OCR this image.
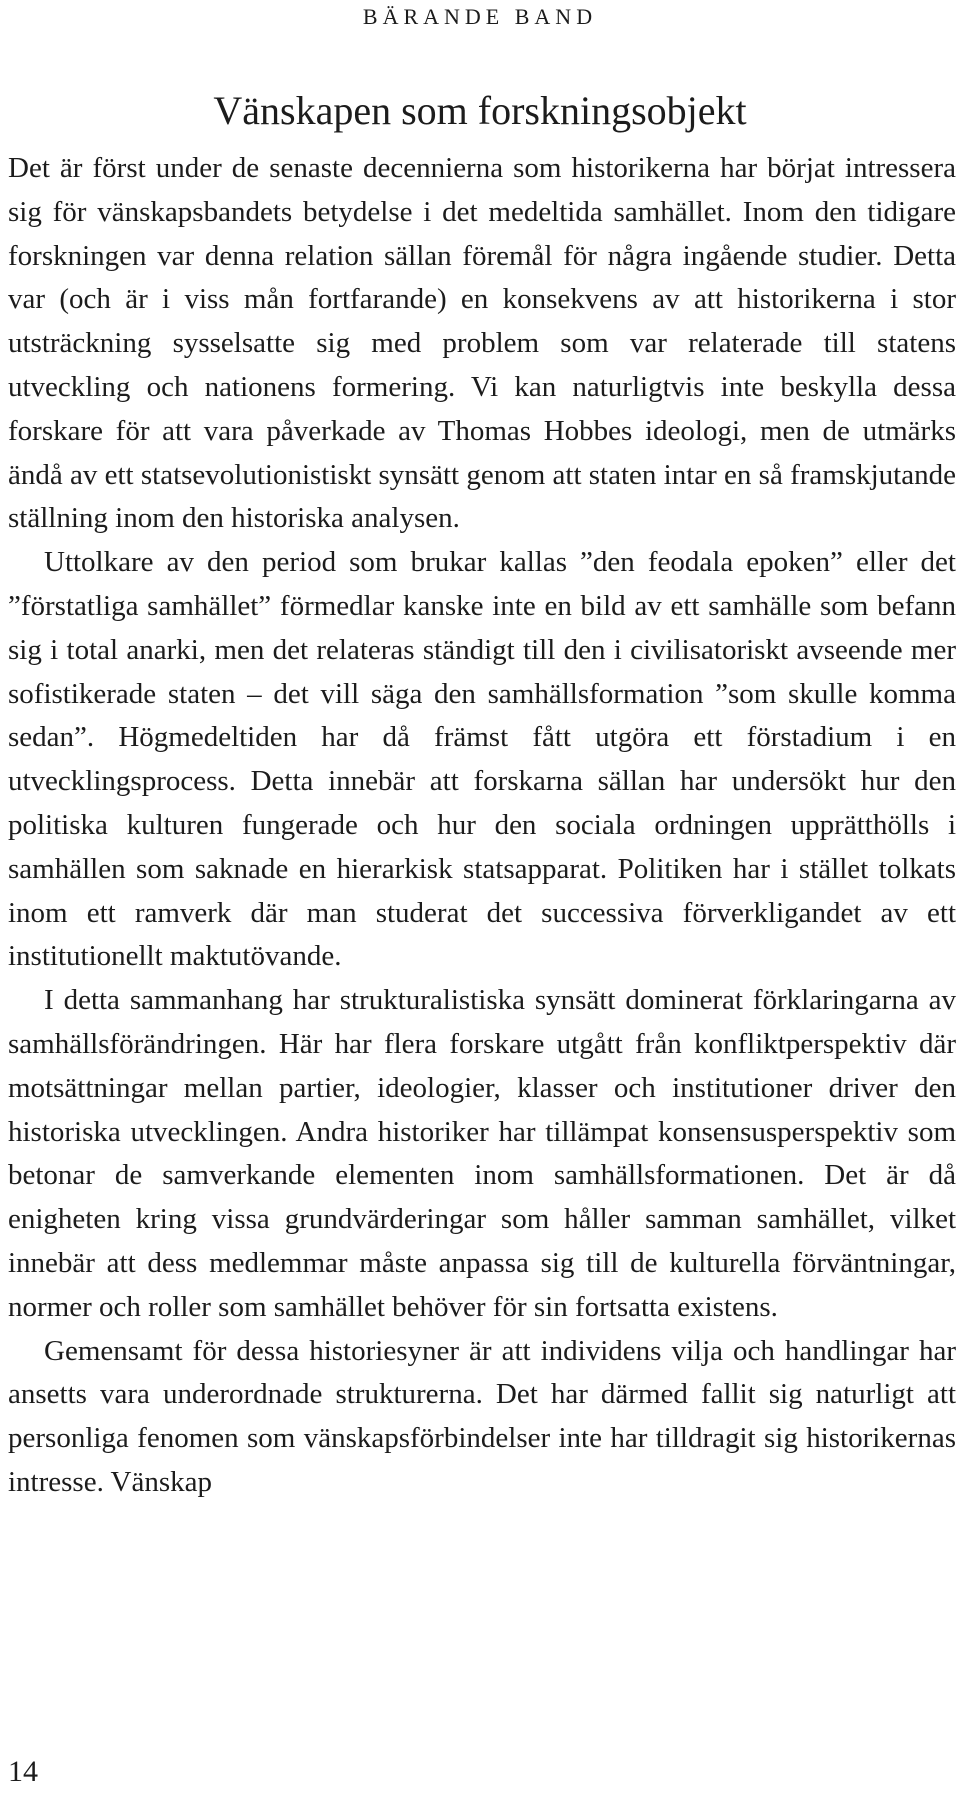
BÄRANDE BAND
Vänskapen som forskningsobjekt

Det är först under de senaste decennierna som historikerna har börjat intressera sig för vänskapsbandets betydelse i det medeltida samhället. Inom den tidigare forskningen var denna relation sällan föremål för några ingående studier. Detta var (och är i viss mån fortfarande) en konsekvens av att historikerna i stor utsträckning sysselsatte sig med problem som var relaterade till statens utveckling och nationens formering. Vi kan naturligtvis inte beskylla dessa forskare för att vara påverkade av Thomas Hobbes ideologi, men de utmärks ändå av ett statsevolutionistiskt synsätt genom att staten intar en så framskjutande ställning inom den historiska analysen.

Uttolkare av den period som brukar kallas ”den feodala epoken” eller det ”förstatliga samhället” förmedlar kanske inte en bild av ett samhälle som befann sig i total anarki, men det relateras ständigt till den i civilisatoriskt avseende mer sofistikerade staten – det vill säga den samhällsformation ”som skulle komma sedan”. Högmedeltiden har då främst fått utgöra ett förstadium i en utvecklingsprocess. Detta innebär att forskarna sällan har undersökt hur den politiska kulturen fungerade och hur den sociala ordningen upprätthölls i samhällen som saknade en hierarkisk statsapparat. Politiken har i stället tolkats inom ett ramverk där man studerat det successiva förverkligandet av ett institutionellt maktutövande.

I detta sammanhang har strukturalistiska synsätt dominerat förklaringarna av samhällsförändringen. Här har flera forskare utgått från konfliktperspektiv där motsättningar mellan partier, ideologier, klasser och institutioner driver den historiska utvecklingen. Andra historiker har tillämpat konsensusperspektiv som betonar de samverkande elementen inom samhällsformationen. Det är då enigheten kring vissa grundvärderingar som håller samman samhället, vilket innebär att dess medlemmar måste anpassa sig till de kulturella förväntningar, normer och roller som samhället behöver för sin fortsatta existens.

Gemensamt för dessa historiesyner är att individens vilja och handlingar har ansetts vara underordnade strukturerna. Det har därmed fallit sig naturligt att personliga fenomen som vänskapsförbindelser inte har tilldragit sig historikernas intresse. Vänskap

14
